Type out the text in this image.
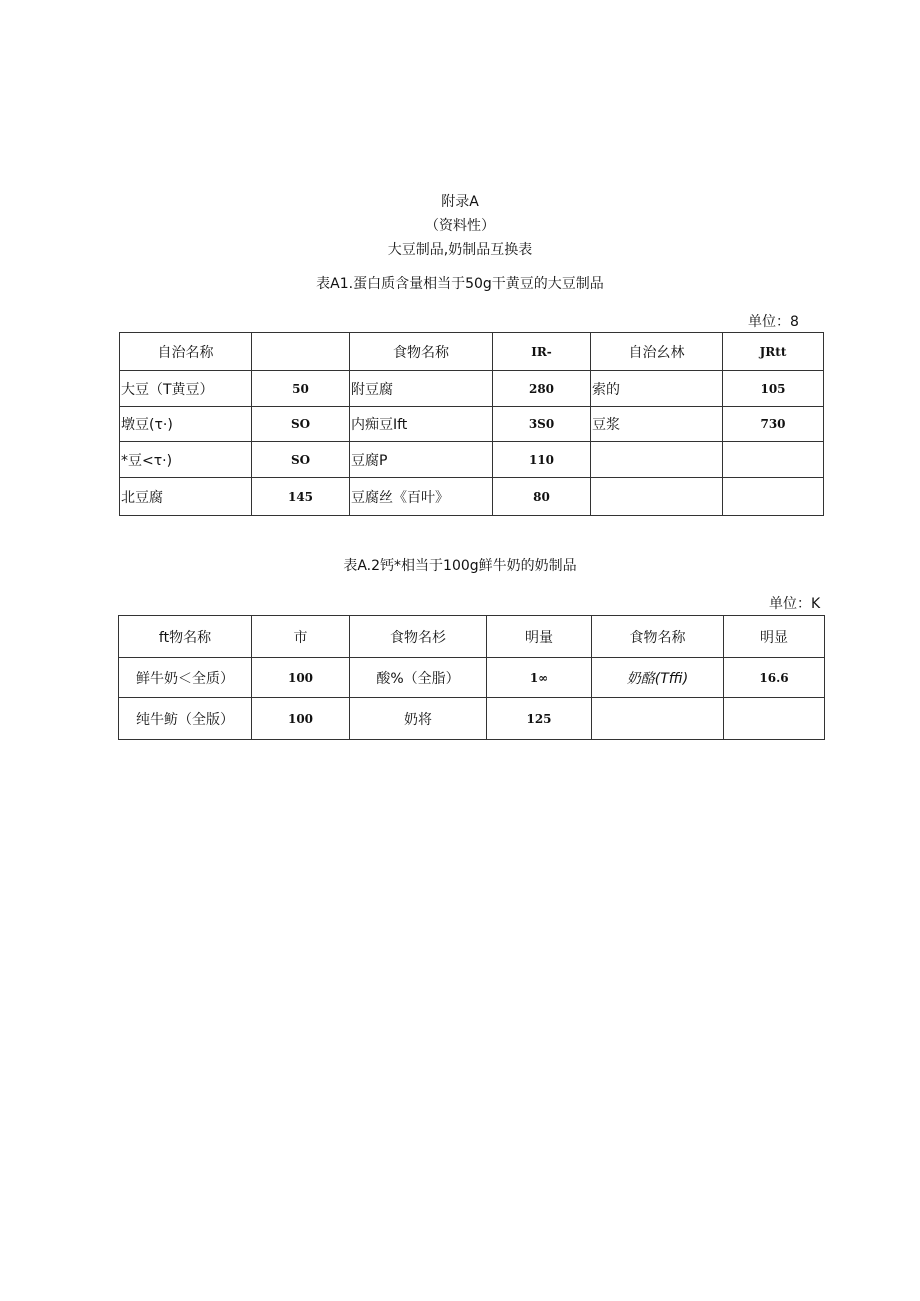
附录A
（资料性）
大豆制品,奶制品互换表
表A1.蛋白质含量相当于50g干黄豆的大豆制品
单位：8
自治名称		食物名称	IR-	自治幺林	JRtt
大豆（T黄豆）	50	附豆腐	280	索的	105
墩豆(τ·)	SO	内痴豆Ift	3S0	豆浆	730
*豆<τ·)	SO	豆腐P	110		
北豆腐	145	豆腐丝《百叶》	80		
表A.2钙*相当于100g鲜牛奶的奶制品
单位：K
ft物名称	市	食物名杉	明量	食物名称	明显
鲜牛奶＜全质）	100	酸%（全脂）	1∞	奶酪(Tffi)	16.6
纯牛鲂（全版）	100	奶将	125		
